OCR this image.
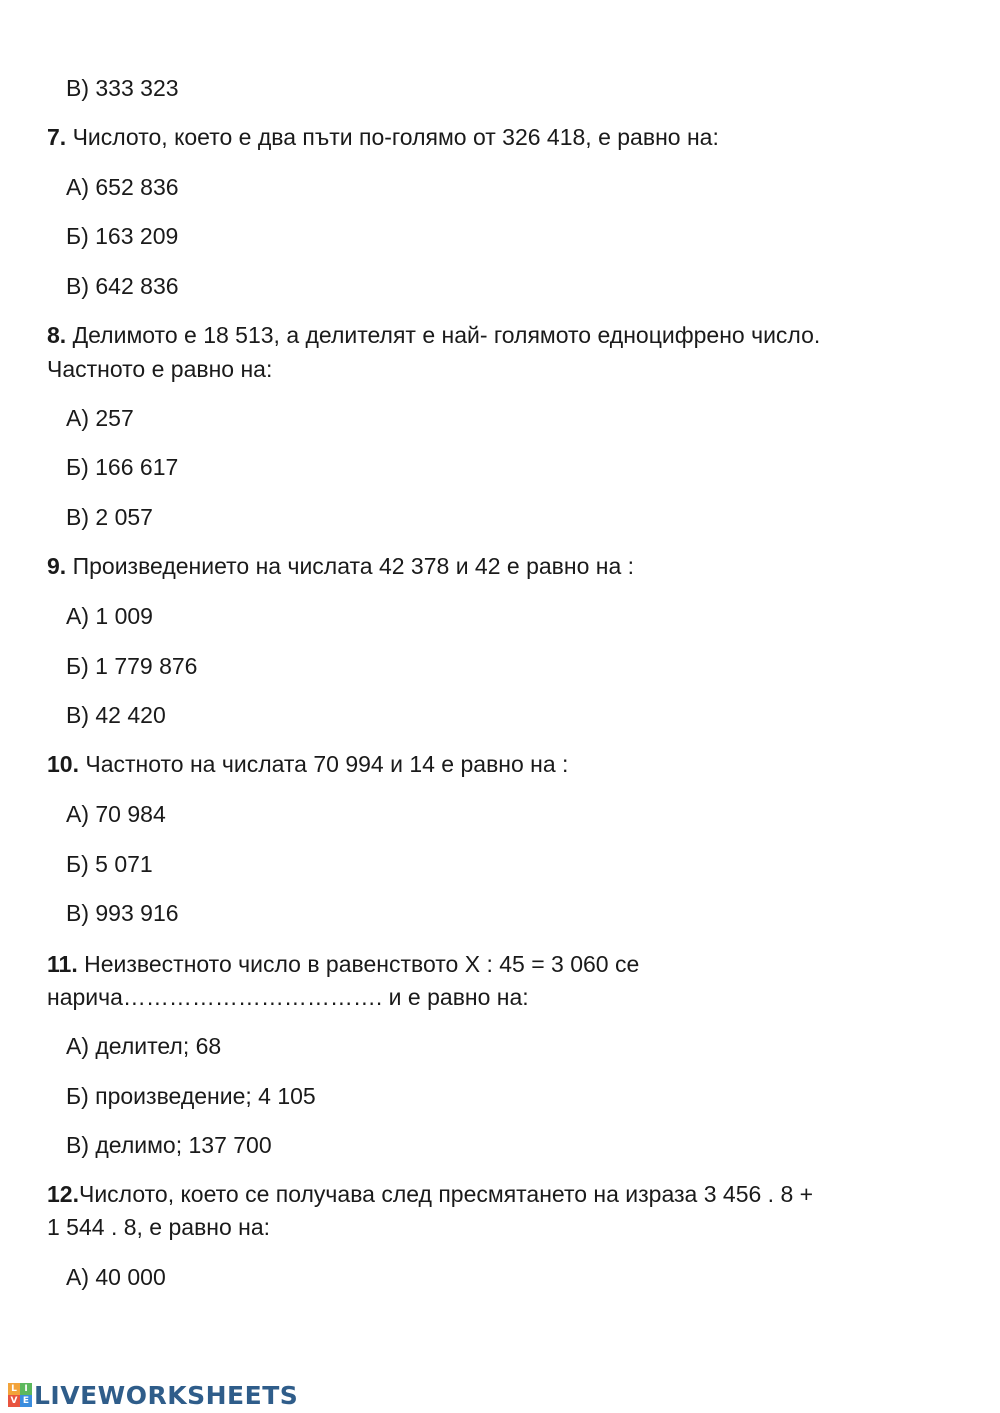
В) 333 323
7. Числото, което е два пъти по-голямо от 326 418, е равно на:
А) 652 836
Б) 163 209
В) 642 836
8. Делимото е 18 513, а делителят е най- голямото едноцифрено число.
Частното е равно на:
А) 257
Б) 166 617
В) 2 057
9. Произведението на числата 42 378 и 42 е равно на :
А) 1 009
Б) 1 779 876
В) 42 420
10. Частното на числата 70 994 и 14 е равно на :
А) 70 984
Б) 5 071
В) 993 916
11. Неизвестното число в равенството Х : 45 = 3 060 се
нарича……………………………. и е равно на:
А) делител; 68
Б) произведение; 4 105
В) делимо; 137 700
12.Числото, което се получава след пресмятането на израза 3 456 . 8 +
1 544 . 8, е равно на:
А) 40 000
L I
V E LIVEWORKSHEETS
